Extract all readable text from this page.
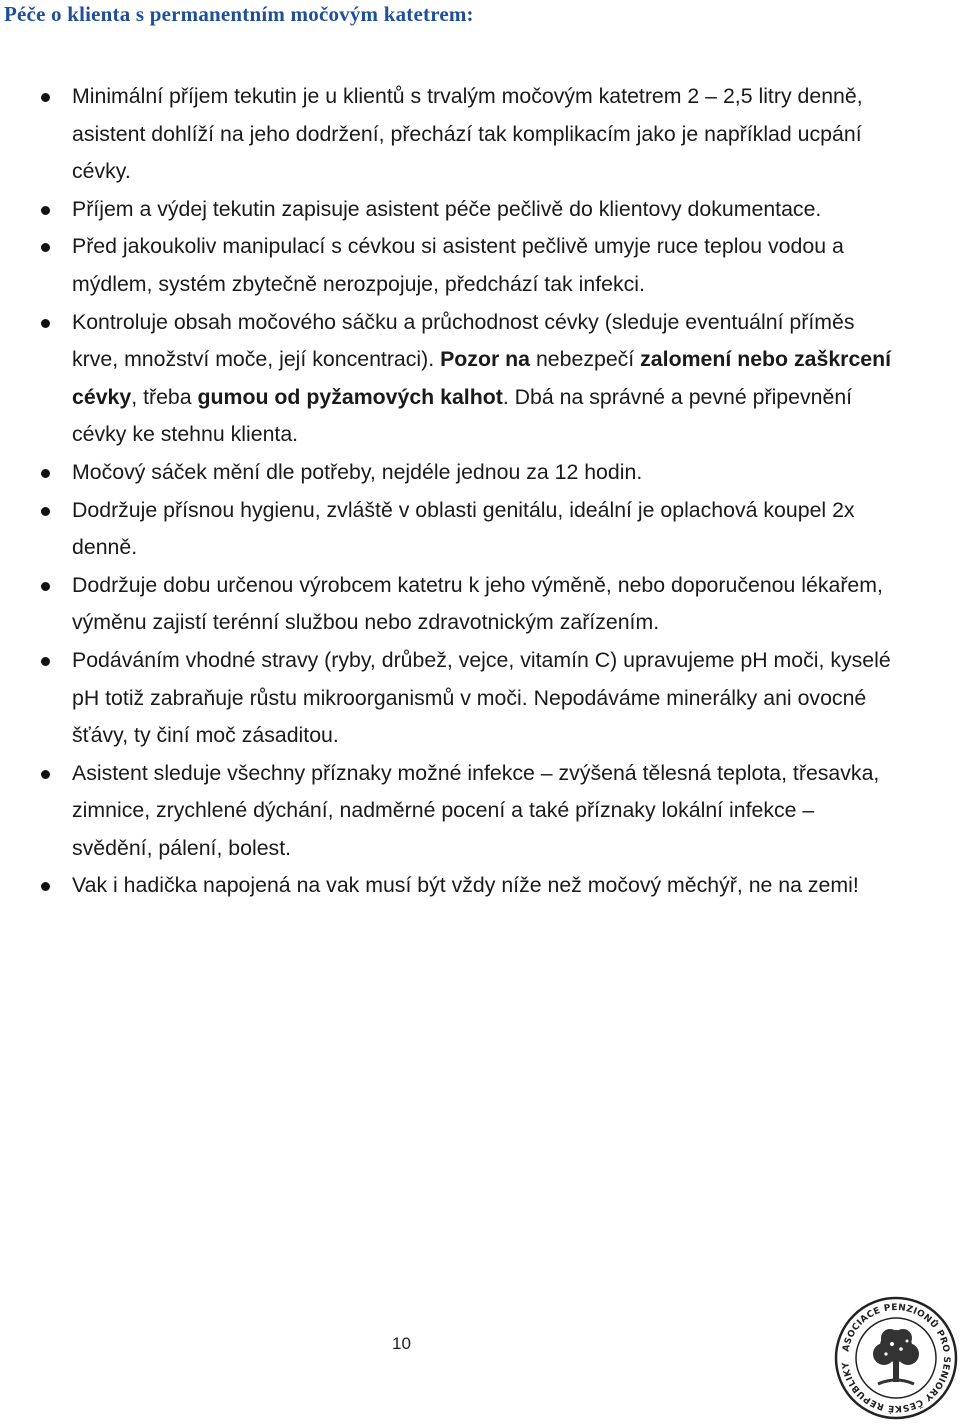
Péče o klienta s permanentním močovým katetrem:
Minimální příjem tekutin je u klientů s trvalým močovým katetrem 2 – 2,5 litry denně, asistent dohlíží na jeho dodržení, přechází tak komplikacím jako je například ucpání cévky.
Příjem a výdej tekutin zapisuje asistent péče pečlivě do klientovy dokumentace.
Před jakoukoliv manipulací s cévkou si asistent pečlivě umyje ruce teplou vodou a mýdlem, systém zbytečně nerozpojuje, předchází tak infekci.
Kontroluje obsah močového sáčku a průchodnost cévky (sleduje eventuální příměs krve, množství moče, její koncentraci). Pozor na nebezpečí zalomení nebo zaškrcení cévky, třeba gumou od pyžamových kalhot. Dbá na správné a pevné připevnění cévky ke stehnu klienta.
Močový sáček mění dle potřeby, nejdéle jednou za 12 hodin.
Dodržuje přísnou hygienu, zvláště v oblasti genitálu, ideální je oplachová koupel 2x denně.
Dodržuje dobu určenou výrobcem katetru k jeho výměně, nebo doporučenou lékařem, výměnu zajistí terénní službou nebo zdravotnickým zařízením.
Podáváním vhodné stravy (ryby, drůbež, vejce, vitamín C) upravujeme pH moči, kyselé pH totiž zabraňuje růstu mikroorganismů v moči. Nepodáváme minerálky ani ovocné šťávy, ty činí moč zásaditou.
Asistent sleduje všechny příznaky možné infekce – zvýšená tělesná teplota, třesavka, zimnice, zrychlené dýchání, nadměrné pocení a také příznaky lokální infekce – svědění, pálení, bolest.
Vak i hadička napojená na vak musí být vždy níže než močový měchýř, ne na zemi!
10	ASOCIACE PENZIONŮ PRO SENIORY ČESKÉ REPUBLIKY
